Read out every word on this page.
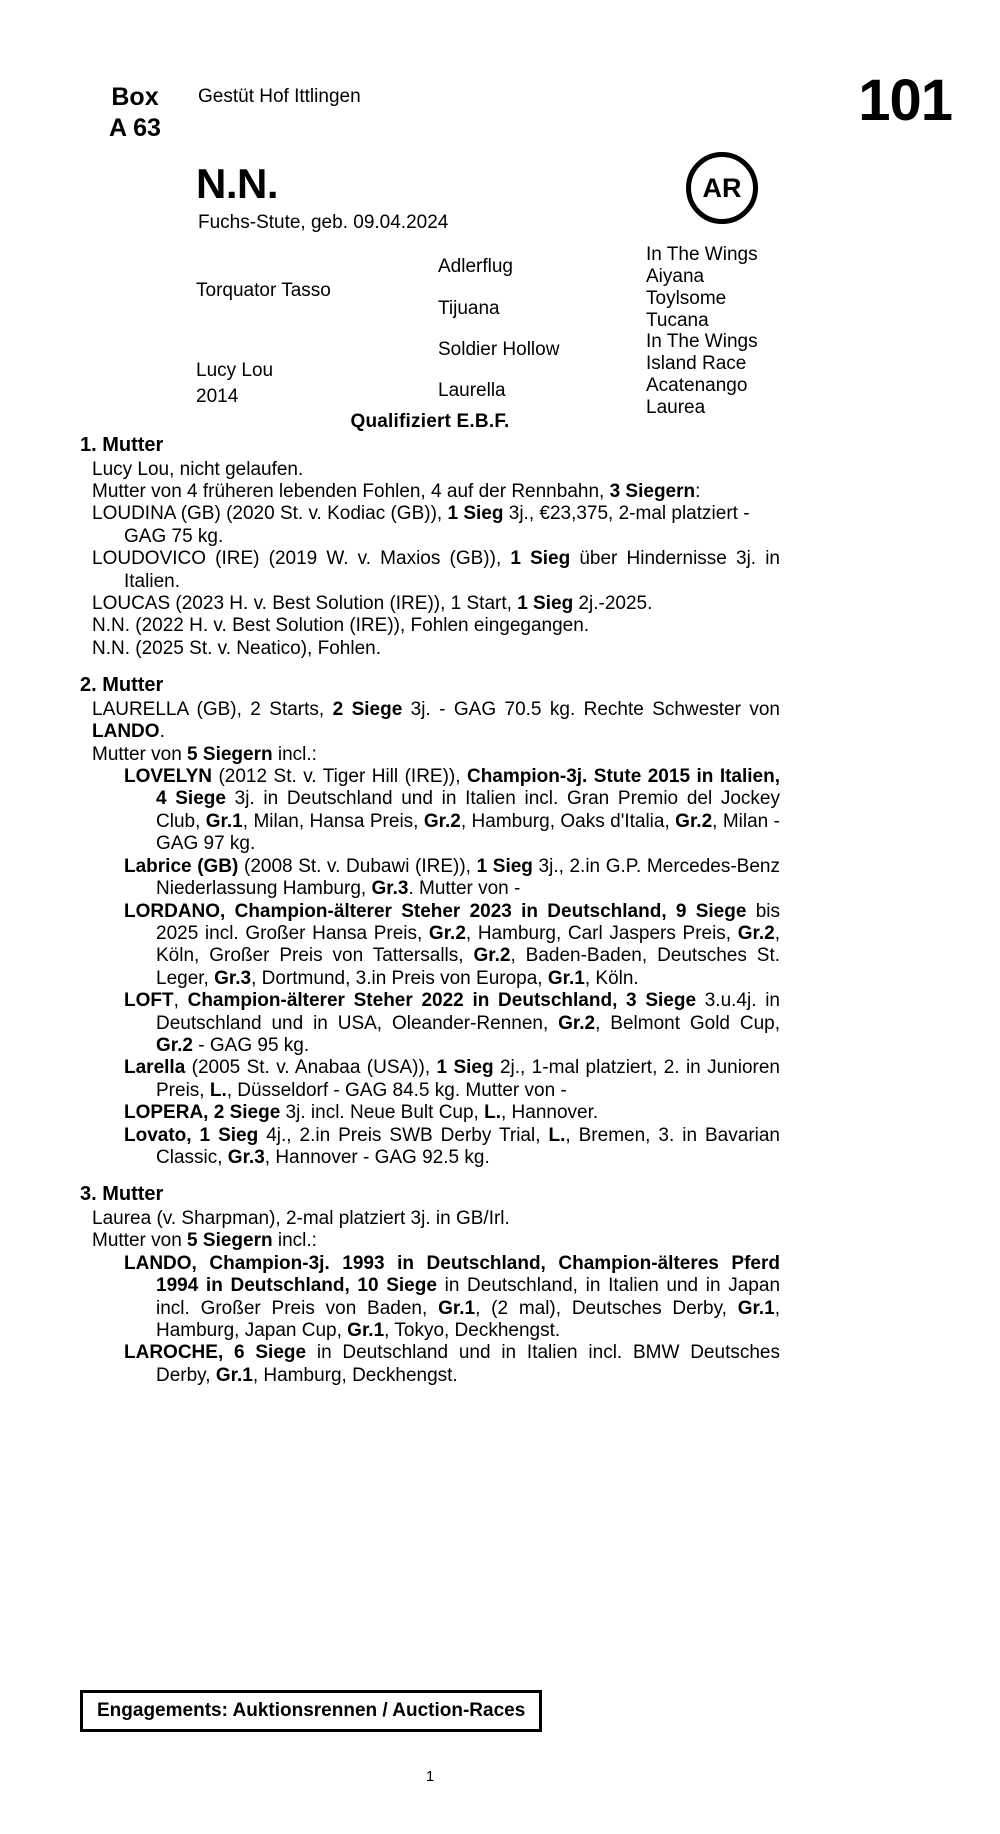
Box
A 63
Gestüt Hof Ittlingen	101
AR
N.N.
Fuchs-Stute, geb. 09.04.2024
Torquator Tasso
Lucy Lou
2014
Adlerflug
Tijuana
Soldier Hollow
Laurella
In The Wings
Aiyana
Toylsome
Tucana
In The Wings
Island Race
Acatenango
Laurea
Qualifiziert E.B.F.
1. Mutter
Lucy Lou, nicht gelaufen.
Mutter von 4 früheren lebenden Fohlen, 4 auf der Rennbahn, 3 Siegern:
LOUDINA (GB) (2020 St. v. Kodiac (GB)), 1 Sieg 3j., €23,375, 2-mal platziert - GAG 75 kg.
LOUDOVICO (IRE) (2019 W. v. Maxios (GB)), 1 Sieg über Hindernisse 3j. in Italien.
LOUCAS (2023 H. v. Best Solution (IRE)), 1 Start, 1 Sieg 2j.-2025.
N.N. (2022 H. v. Best Solution (IRE)), Fohlen eingegangen.
N.N. (2025 St. v. Neatico), Fohlen.
2. Mutter
LAURELLA (GB), 2 Starts, 2 Siege 3j. - GAG 70.5 kg. Rechte Schwester von LANDO.
Mutter von 5 Siegern incl.:
LOVELYN (2012 St. v. Tiger Hill (IRE)), Champion-3j. Stute 2015 in Italien, 4 Siege 3j. in Deutschland und in Italien incl. Gran Premio del Jockey Club, Gr.1, Milan, Hansa Preis, Gr.2, Hamburg, Oaks d'Italia, Gr.2, Milan - GAG 97 kg.
Labrice (GB) (2008 St. v. Dubawi (IRE)), 1 Sieg 3j., 2.in G.P. Mercedes-Benz Niederlassung Hamburg, Gr.3. Mutter von -
LORDANO, Champion-älterer Steher 2023 in Deutschland, 9 Siege bis 2025 incl. Großer Hansa Preis, Gr.2, Hamburg, Carl Jaspers Preis, Gr.2, Köln, Großer Preis von Tattersalls, Gr.2, Baden-Baden, Deutsches St. Leger, Gr.3, Dortmund, 3.in Preis von Europa, Gr.1, Köln.
LOFT, Champion-älterer Steher 2022 in Deutschland, 3 Siege 3.u.4j. in Deutschland und in USA, Oleander-Rennen, Gr.2, Belmont Gold Cup, Gr.2 - GAG 95 kg.
Larella (2005 St. v. Anabaa (USA)), 1 Sieg 2j., 1-mal platziert, 2. in Junioren Preis, L., Düsseldorf - GAG 84.5 kg. Mutter von -
LOPERA, 2 Siege 3j. incl. Neue Bult Cup, L., Hannover.
Lovato, 1 Sieg 4j., 2.in Preis SWB Derby Trial, L., Bremen, 3. in Bavarian Classic, Gr.3, Hannover - GAG 92.5 kg.
3. Mutter
Laurea (v. Sharpman), 2-mal platziert 3j. in GB/Irl.
Mutter von 5 Siegern incl.:
LANDO, Champion-3j. 1993 in Deutschland, Champion-älteres Pferd 1994 in Deutschland, 10 Siege in Deutschland, in Italien und in Japan incl. Großer Preis von Baden, Gr.1, (2 mal), Deutsches Derby, Gr.1, Hamburg, Japan Cup, Gr.1, Tokyo, Deckhengst.
LAROCHE, 6 Siege in Deutschland und in Italien incl. BMW Deutsches Derby, Gr.1, Hamburg, Deckhengst.
Engagements: Auktionsrennen / Auction-Races
1
